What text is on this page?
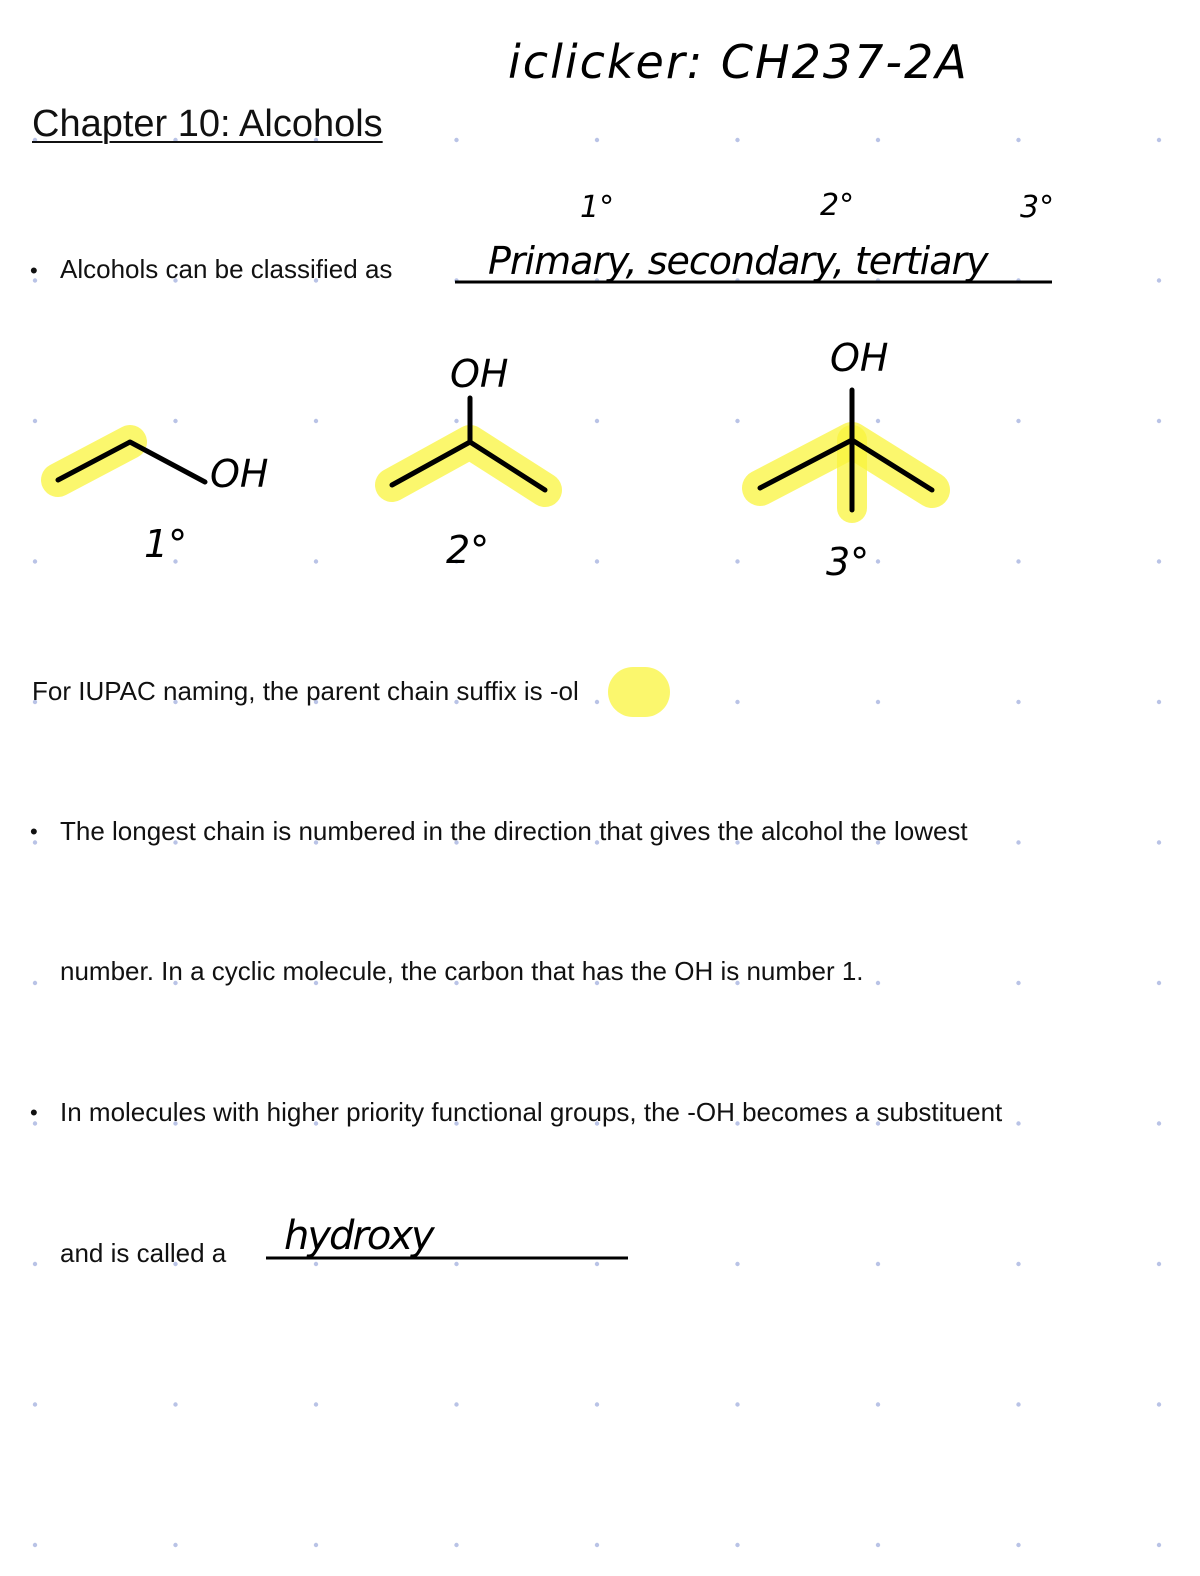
iclicker: CH237-2A
Chapter 10: Alcohols
• Alcohols can be classified as	Primary, secondary, tertiary
1°	2°	3°
OH
1°
OH
2°
OH
3°
For IUPAC naming, the parent chain suffix is -ol
• The longest chain is numbered in the direction that gives the alcohol the lowest
number. In a cyclic molecule, the carbon that has the OH is number 1.
• In molecules with higher priority functional groups, the -OH becomes a substituent
and is called a hydroxy
